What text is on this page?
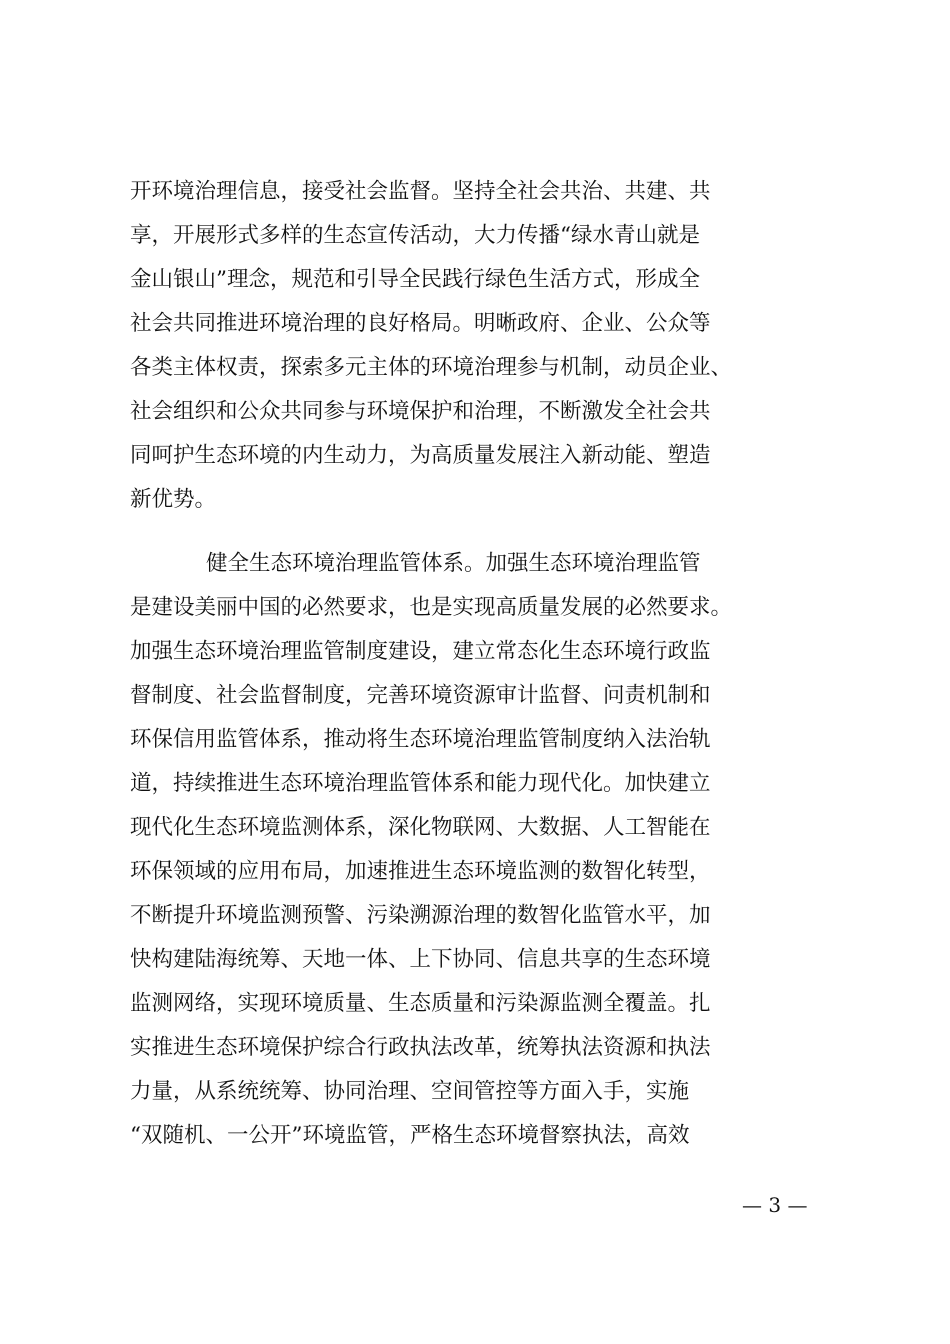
开环境治理信息，接受社会监督。坚持全社会共治、共建、共
享，开展形式多样的生态宣传活动，大力传播“绿水青山就是
金山银山”理念，规范和引导全民践行绿色生活方式，形成全
社会共同推进环境治理的良好格局。明晰政府、企业、公众等
各类主体权责，探索多元主体的环境治理参与机制，动员企业、
社会组织和公众共同参与环境保护和治理，不断激发全社会共
同呵护生态环境的内生动力，为高质量发展注入新动能、塑造
新优势。
健全生态环境治理监管体系。加强生态环境治理监管
是建设美丽中国的必然要求，也是实现高质量发展的必然要求。
加强生态环境治理监管制度建设，建立常态化生态环境行政监
督制度、社会监督制度，完善环境资源审计监督、问责机制和
环保信用监管体系，推动将生态环境治理监管制度纳入法治轨
道，持续推进生态环境治理监管体系和能力现代化。加快建立
现代化生态环境监测体系，深化物联网、大数据、人工智能在
环保领域的应用布局，加速推进生态环境监测的数智化转型，
不断提升环境监测预警、污染溯源治理的数智化监管水平，加
快构建陆海统筹、天地一体、上下协同、信息共享的生态环境
监测网络，实现环境质量、生态质量和污染源监测全覆盖。扎
实推进生态环境保护综合行政执法改革，统筹执法资源和执法
力量，从系统统筹、协同治理、空间管控等方面入手，实施
“双随机、一公开”环境监管，严格生态环境督察执法，高效
— 3 —
